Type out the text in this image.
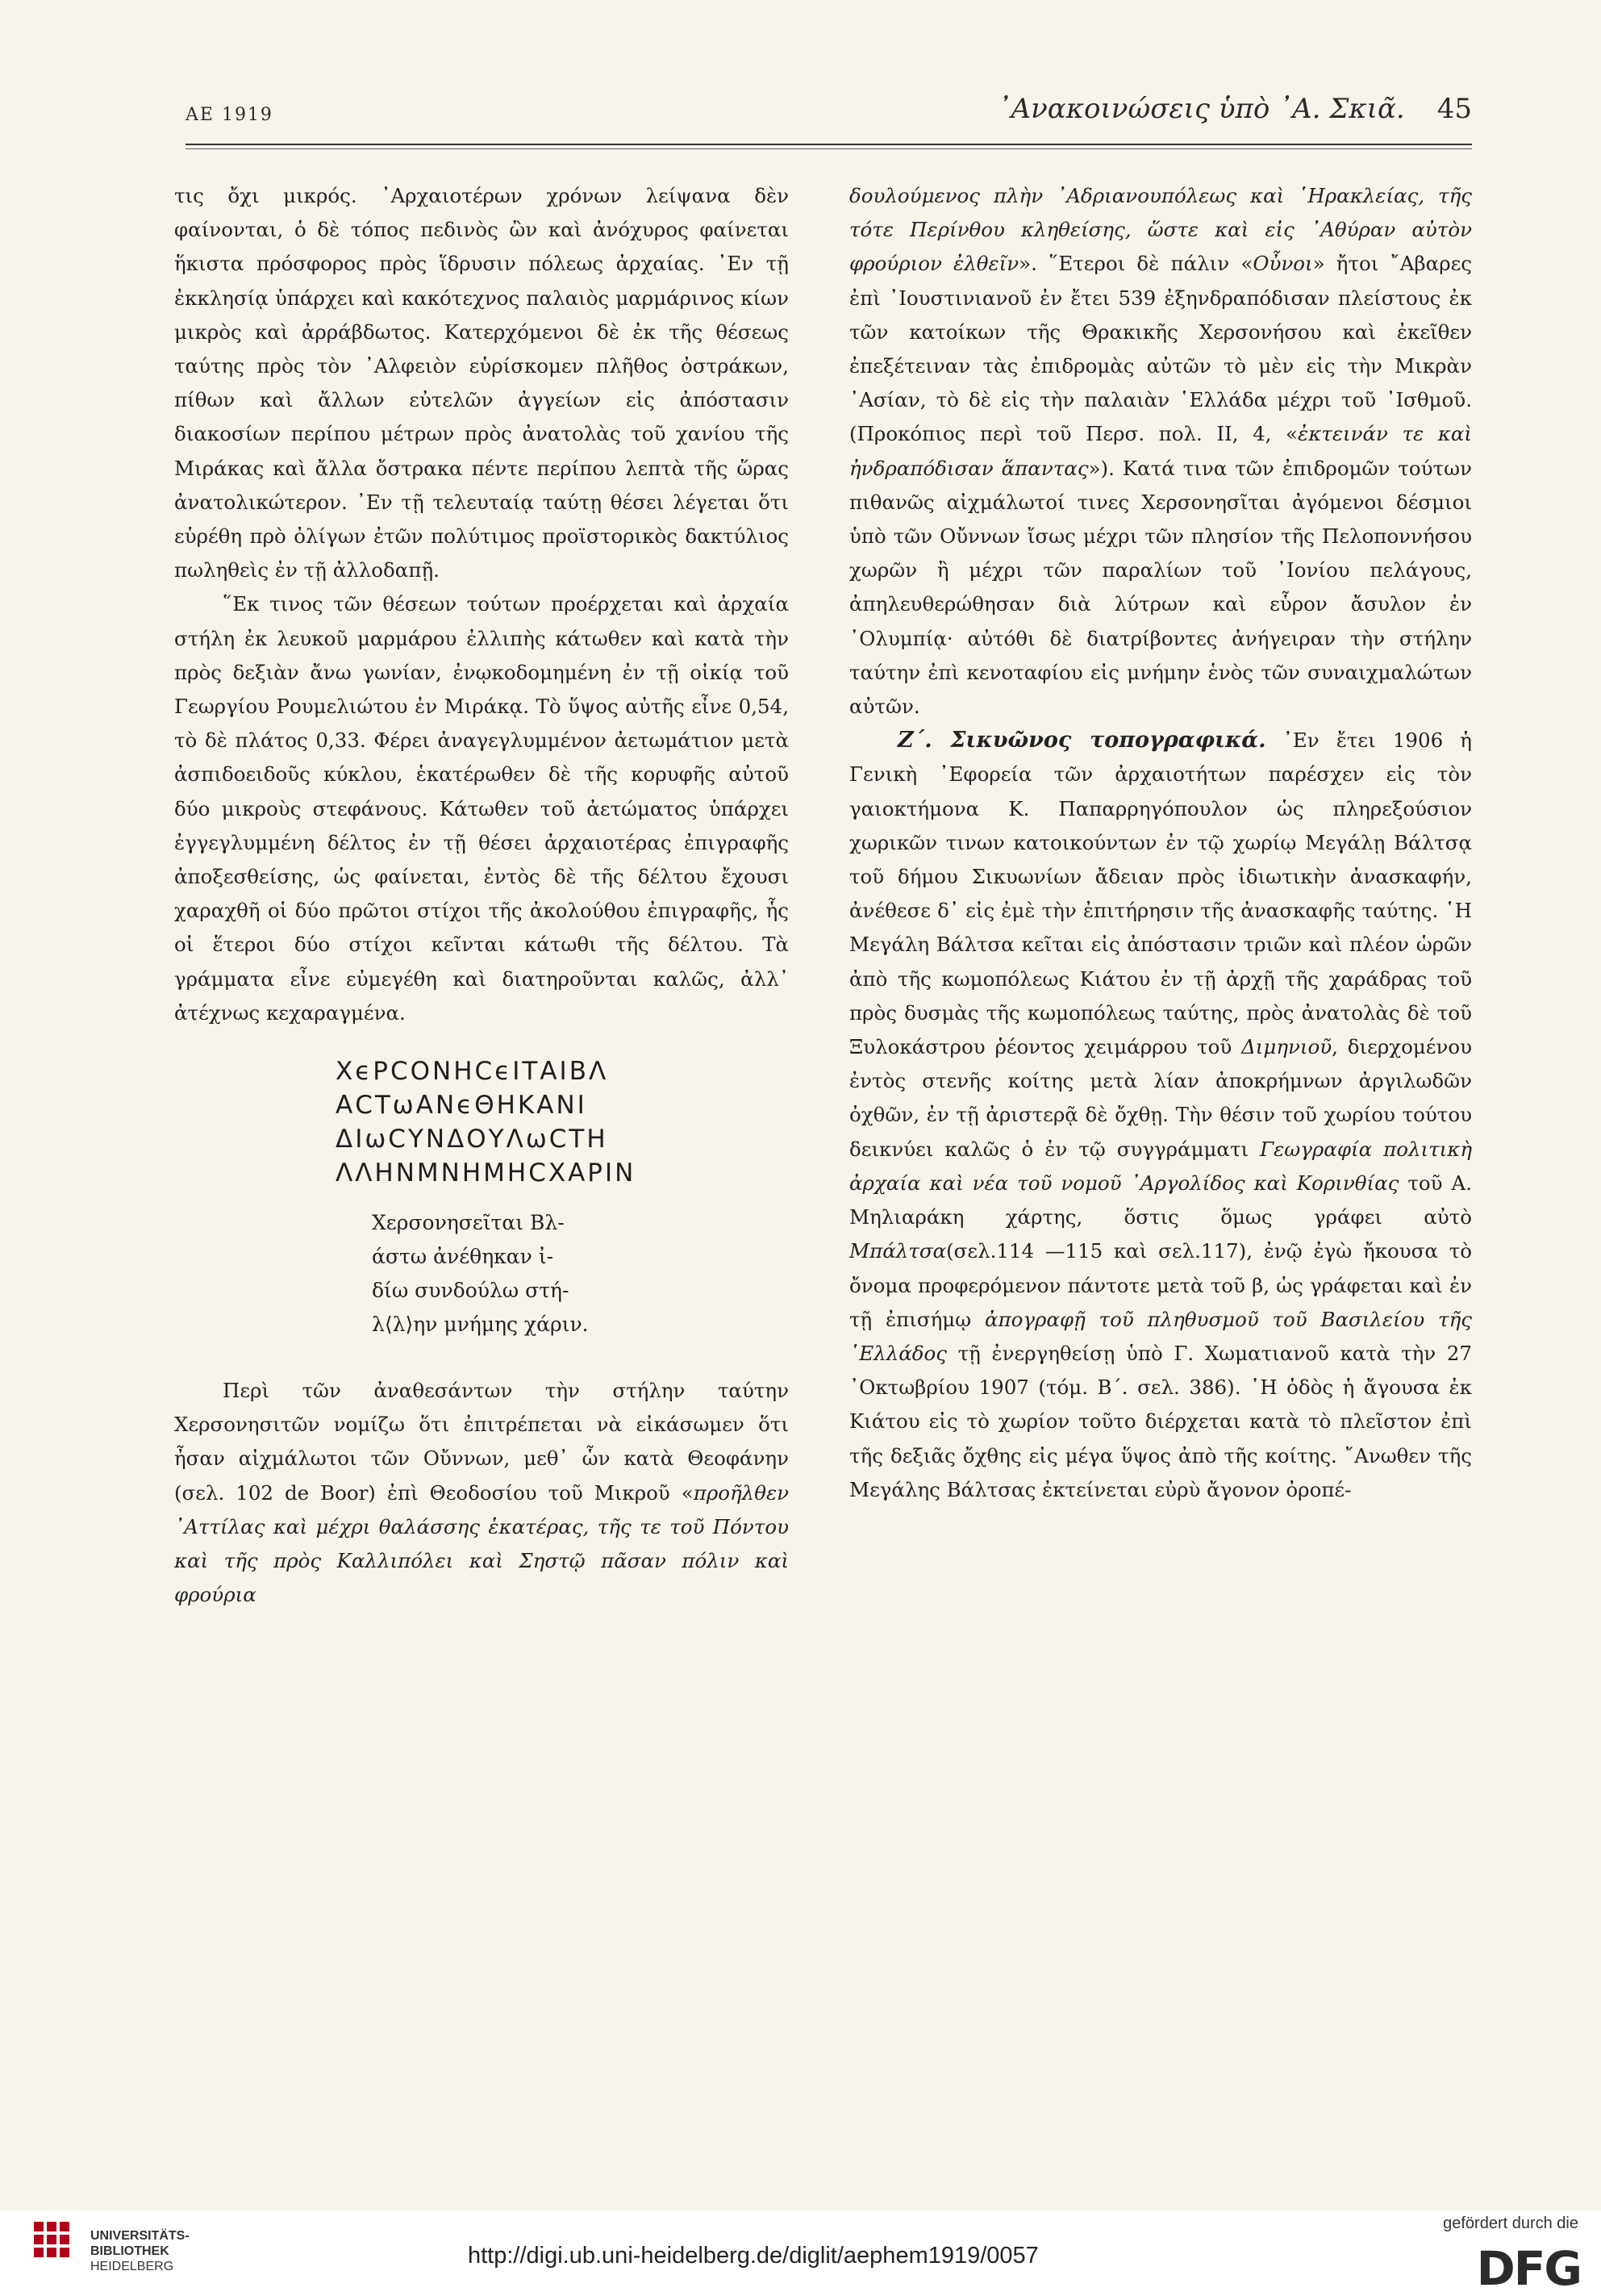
ΑΕ 1919	᾽Ανακοινώσεις ὑπὸ ᾽Α. Σκιᾶ. 45

τις ὄχι μικρός. ᾽Αρχαιοτέρων χρόνων λείψανα δὲν φαίνονται, ὁ δὲ τόπος πεδινὸς ὢν καὶ ἀνόχυρος φαίνεται ἥκιστα πρόσφορος πρὸς ἵδρυσιν πόλεως ἀρχαίας. ᾽Εν τῇ ἐκκλησίᾳ ὑπάρχει καὶ κακότεχνος παλαιὸς μαρμάρινος κίων μικρὸς καὶ ἀρράβδωτος. Κατερχόμενοι δὲ ἐκ τῆς θέσεως ταύτης πρὸς τὸν ᾽Αλφειὸν εὑρίσκομεν πλῆθος ὀστράκων, πίθων καὶ ἄλλων εὐτελῶν ἀγγείων εἰς ἀπόστασιν διακοσίων περίπου μέτρων πρὸς ἀνατολὰς τοῦ χανίου τῆς Μιράκας καὶ ἄλλα ὄστρακα πέντε περίπου λεπτὰ τῆς ὥρας ἀνατολικώτερον. ᾽Εν τῇ τελευταίᾳ ταύτῃ θέσει λέγεται ὅτι εὑρέθη πρὸ ὀλίγων ἐτῶν πολύτιμος προϊστορικὸς δακτύλιος πωληθεὶς ἐν τῇ ἀλλοδαπῇ.

῞Εκ τινος τῶν θέσεων τούτων προέρχεται καὶ ἀρχαία στήλη ἐκ λευκοῦ μαρμάρου ἐλλιπὴς κάτωθεν καὶ κατὰ τὴν πρὸς δεξιὰν ἄνω γωνίαν, ἐνῳκοδομημένη ἐν τῇ οἰκίᾳ τοῦ Γεωργίου Ρουμελιώτου ἐν Μιράκᾳ. Τὸ ὕψος αὐτῆς εἶνε 0,54, τὸ δὲ πλάτος 0,33. Φέρει ἀναγεγλυμμένον ἀετωμάτιον μετὰ ἀσπιδοειδοῦς κύκλου, ἑκατέρωθεν δὲ τῆς κορυφῆς αὐτοῦ δύο μικροὺς στεφάνους. Κάτωθεν τοῦ ἀετώματος ὑπάρχει ἐγγεγλυμμένη δέλτος ἐν τῇ θέσει ἀρχαιοτέρας ἐπιγραφῆς ἀποξεσθείσης, ὡς φαίνεται, ἐντὸς δὲ τῆς δέλτου ἔχουσι χαραχθῆ οἱ δύο πρῶτοι στίχοι τῆς ἀκολούθου ἐπιγραφῆς, ἧς οἱ ἕτεροι δύο στίχοι κεῖνται κάτωθι τῆς δέλτου. Τὰ γράμματα εἶνε εὐμεγέθη καὶ διατηροῦνται καλῶς, ἀλλ᾽ ἀτέχνως κεχαραγμένα.

ΧϵΡϹΟΝΗϹϵΙΤΑΙΒΛ
ΑϹΤωΑΝϵΘΗΚΑΝΙ
ΔΙωϹΥΝΔΟΥΛωϹΤΗ
ΛΛΗΝΜΝΗΜΗϹΧΑΡΙΝ
Χερσονησεῖται Βλ-
άστω ἀνέθηκαν ἰ-
δίω συνδούλω στή-
λ⟨λ⟩ην μνήμης χάριν.

Περὶ τῶν ἀναθεσάντων τὴν στήλην ταύτην Χερσονησιτῶν νομίζω ὅτι ἐπιτρέπεται νὰ εἰκάσωμεν ὅτι ἦσαν αἰχμάλωτοι τῶν Οὔννων, μεθ᾽ ὧν κατὰ Θεοφάνην (σελ. 102 de Boor) ἐπὶ Θεοδοσίου τοῦ Μικροῦ «προῆλθεν ᾽Αττίλας καὶ μέχρι θαλάσσης ἑκατέρας, τῆς τε τοῦ Πόντου καὶ τῆς πρὸς Καλλιπόλει καὶ Σηστῷ πᾶσαν πόλιν καὶ φρούρια

δουλούμενος πλὴν ᾽Αδριανουπόλεως καὶ ῾Ηρακλείας, τῆς τότε Περίνθου κληθείσης, ὥστε καὶ εἰς ᾽Αθύραν αὐτὸν φρούριον ἐλθεῖν». ῞Ετεροι δὲ πάλιν «Οὖνοι» ἤτοι ῎Αβαρες ἐπὶ ᾽Ιουστινιανοῦ ἐν ἔτει 539 ἐξηνδραπόδισαν πλείστους ἐκ τῶν κατοίκων τῆς Θρακικῆς Χερσονήσου καὶ ἐκεῖθεν ἐπεξέτειναν τὰς ἐπιδρομὰς αὐτῶν τὸ μὲν εἰς τὴν Μικρὰν ᾽Ασίαν, τὸ δὲ εἰς τὴν παλαιὰν ῾Ελλάδα μέχρι τοῦ ᾽Ισθμοῦ. (Προκόπιος περὶ τοῦ Περσ. πολ. II, 4, «ἐκτεινάν τε καὶ ἠνδραπόδισαν ἅπαντας»). Κατά τινα τῶν ἐπιδρομῶν τούτων πιθανῶς αἰχμάλωτοί τινες Χερσονησῖται ἀγόμενοι δέσμιοι ὑπὸ τῶν Οὔννων ἴσως μέχρι τῶν πλησίον τῆς Πελοποννήσου χωρῶν ἢ μέχρι τῶν παραλίων τοῦ ᾽Ιονίου πελάγους, ἀπηλευθερώθησαν διὰ λύτρων καὶ εὗρον ἄσυλον ἐν ᾽Ολυμπίᾳ· αὐτόθι δὲ διατρίβοντες ἀνήγειραν τὴν στήλην ταύτην ἐπὶ κενοταφίου εἰς μνήμην ἑνὸς τῶν συναιχμαλώτων αὐτῶν.

Ζ΄. Σικυῶνος τοπογραφικά. ᾽Εν ἔτει 1906 ἡ Γενικὴ ᾽Εφορεία τῶν ἀρχαιοτήτων παρέσχεν εἰς τὸν γαιοκτήμονα Κ. Παπαρρηγόπουλον ὡς πληρεξούσιον χωρικῶν τινων κατοικούντων ἐν τῷ χωρίῳ Μεγάλῃ Βάλτσᾳ τοῦ δήμου Σικυωνίων ἄδειαν πρὸς ἰδιωτικὴν ἀνασκαφήν, ἀνέθεσε δ᾽ εἰς ἐμὲ τὴν ἐπιτήρησιν τῆς ἀνασκαφῆς ταύτης. ῾Η Μεγάλη Βάλτσα κεῖται εἰς ἀπόστασιν τριῶν καὶ πλέον ὡρῶν ἀπὸ τῆς κωμοπόλεως Κιάτου ἐν τῇ ἀρχῇ τῆς χαράδρας τοῦ πρὸς δυσμὰς τῆς κωμοπόλεως ταύτης, πρὸς ἀνατολὰς δὲ τοῦ Ξυλοκάστρου ῥέοντος χειμάρρου τοῦ Διμηνιοῦ, διερχομένου ἐντὸς στενῆς κοίτης μετὰ λίαν ἀποκρήμνων ἀργιλωδῶν ὀχθῶν, ἐν τῇ ἀριστερᾷ δὲ ὄχθῃ. Τὴν θέσιν τοῦ χωρίου τούτου δεικνύει καλῶς ὁ ἐν τῷ συγγράμματι Γεωγραφία πολιτικὴ ἀρχαία καὶ νέα τοῦ νομοῦ ᾽Αργολίδος καὶ Κορινθίας τοῦ Α. Μηλιαράκη χάρτης, ὅστις ὅμως γράφει αὐτὸ Μπάλτσα(σελ.114 —115 καὶ σελ.117), ἐνῷ ἐγὼ ἤκουσα τὸ ὄνομα προφερόμενον πάντοτε μετὰ τοῦ β, ὡς γράφεται καὶ ἐν τῇ ἐπισήμῳ ἀπογραφῇ τοῦ πληθυσμοῦ τοῦ Βασιλείου τῆς ῾Ελλάδος τῇ ἐνεργηθείσῃ ὑπὸ Γ. Χωματιανοῦ κατὰ τὴν 27 ᾽Οκτωβρίου 1907 (τόμ. Β΄. σελ. 386). ῾Η ὁδὸς ἡ ἄγουσα ἐκ Κιάτου εἰς τὸ χωρίον τοῦτο διέρχεται κατὰ τὸ πλεῖστον ἐπὶ τῆς δεξιᾶς ὄχθης εἰς μέγα ὕψος ἀπὸ τῆς κοίτης. ῎Ανωθεν τῆς Μεγάλης Βάλτσας ἐκτείνεται εὐρὺ ἄγονον ὀροπέ-

UNIVERSITÄTS-
BIBLIOTHEK
HEIDELBERG	http://digi.ub.uni-heidelberg.de/diglit/aephem1919/0057
gefördert durch die
DFG
